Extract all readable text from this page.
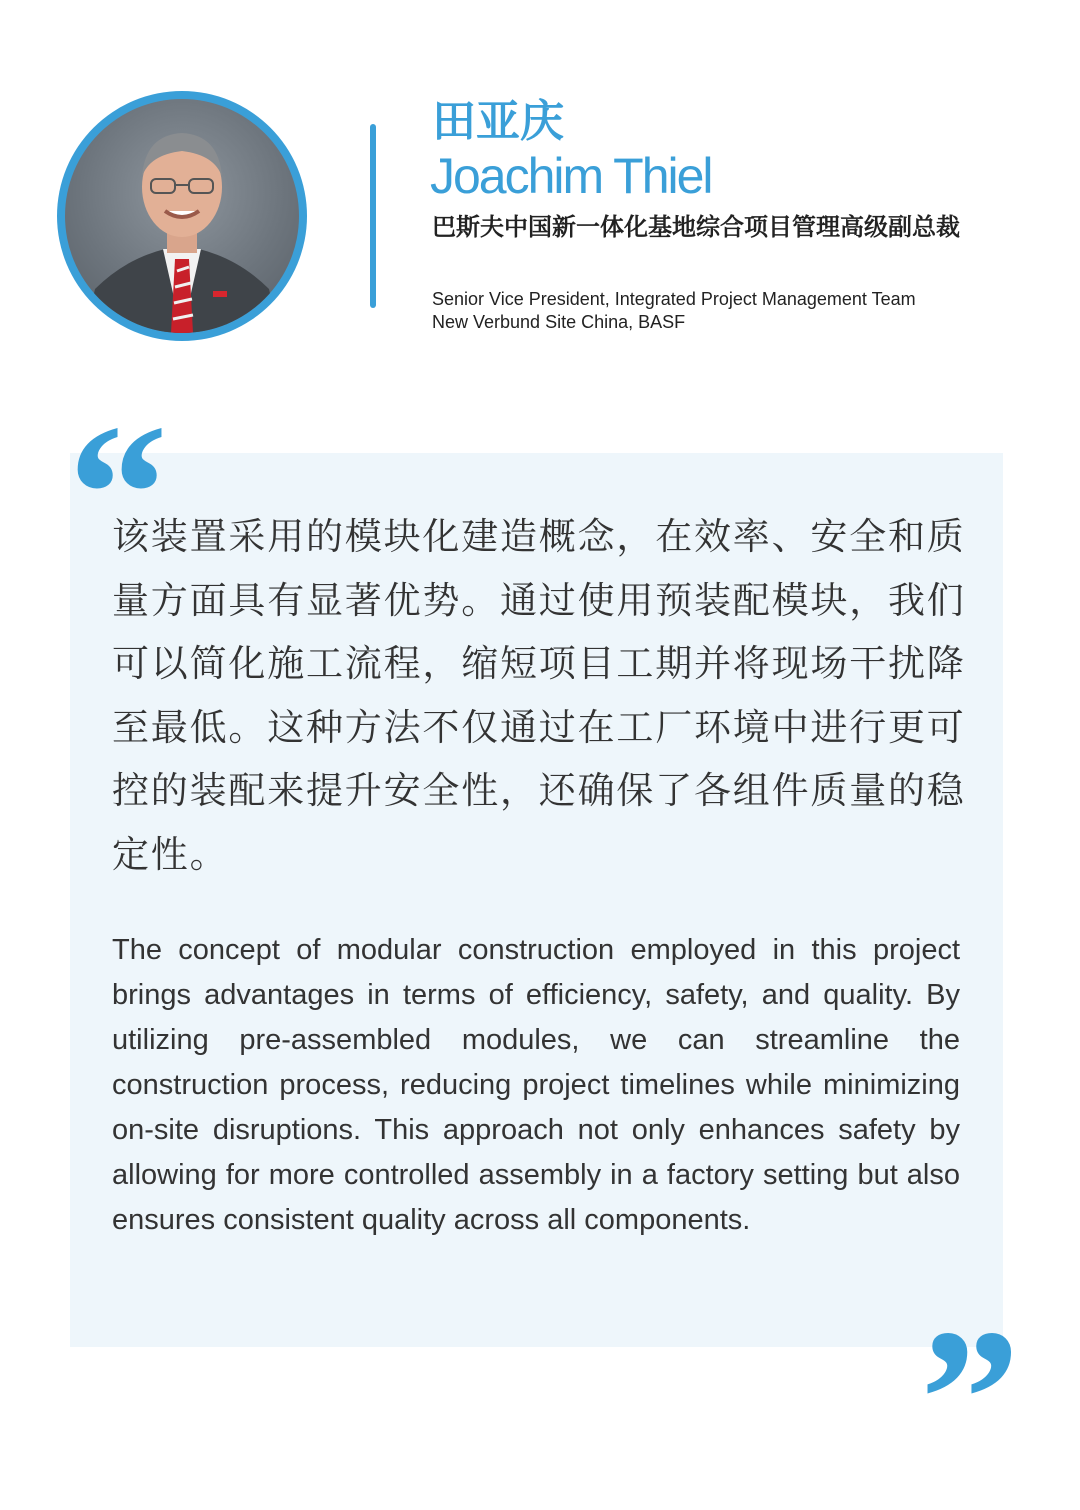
田亚庆
Joachim Thiel
巴斯夫中国新一体化基地综合项目管理高级副总裁
Senior Vice President, Integrated Project Management Team
New Verbund Site China, BASF
“
该装置采用的模块化建造概念，在效率、安全和质量方面具有显著优势。通过使用预装配模块，我们可以简化施工流程，缩短项目工期并将现场干扰降至最低。这种方法不仅通过在工厂环境中进行更可控的装配来提升安全性，还确保了各组件质量的稳定性。
The concept of modular construction employed in this project brings advantages in terms of efficiency, safety, and quality. By utilizing pre-assembled modules, we can streamline the construction process, reducing project timelines while minimizing on-site disruptions. This approach not only enhances safety by allowing for more controlled assembly in a factory setting but also ensures consistent quality across all components.
”
